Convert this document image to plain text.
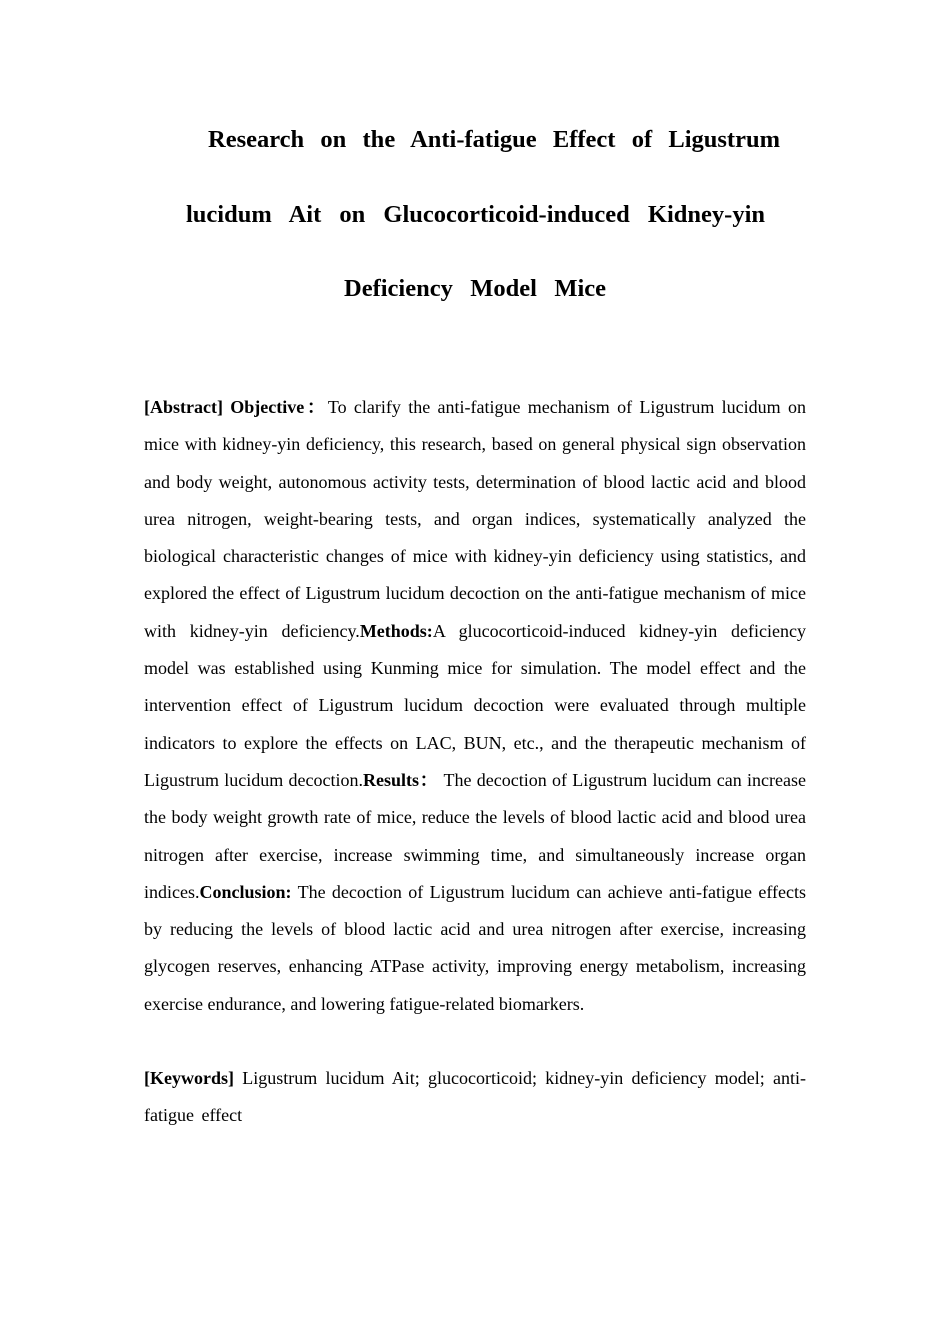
Research on the Anti-fatigue Effect of Ligustrum
lucidum Ait on Glucocorticoid-induced Kidney-yin
Deficiency Model Mice

[Abstract] Objective：To clarify the anti-fatigue mechanism of Ligustrum lucidum on mice with kidney-yin deficiency, this research, based on general physical sign observation and body weight, autonomous activity tests, determination of blood lactic acid and blood urea nitrogen, weight-bearing tests, and organ indices, systematically analyzed the biological characteristic changes of mice with kidney-yin deficiency using statistics, and explored the effect of Ligustrum lucidum decoction on the anti-fatigue mechanism of mice with kidney-yin deficiency.Methods:A glucocorticoid-induced kidney-yin deficiency model was established using Kunming mice for simulation. The model effect and the intervention effect of Ligustrum lucidum decoction were evaluated through multiple indicators to explore the effects on LAC, BUN, etc., and the therapeutic mechanism of Ligustrum lucidum decoction.Results： The decoction of Ligustrum lucidum can increase the body weight growth rate of mice, reduce the levels of blood lactic acid and blood urea nitrogen after exercise, increase swimming time, and simultaneously increase organ indices.Conclusion: The decoction of Ligustrum lucidum can achieve anti-fatigue effects by reducing the levels of blood lactic acid and urea nitrogen after exercise, increasing glycogen reserves, enhancing ATPase activity, improving energy metabolism, increasing exercise endurance, and lowering fatigue-related biomarkers.

[Keywords] Ligustrum lucidum Ait; glucocorticoid; kidney-yin deficiency model; anti-fatigue effect
